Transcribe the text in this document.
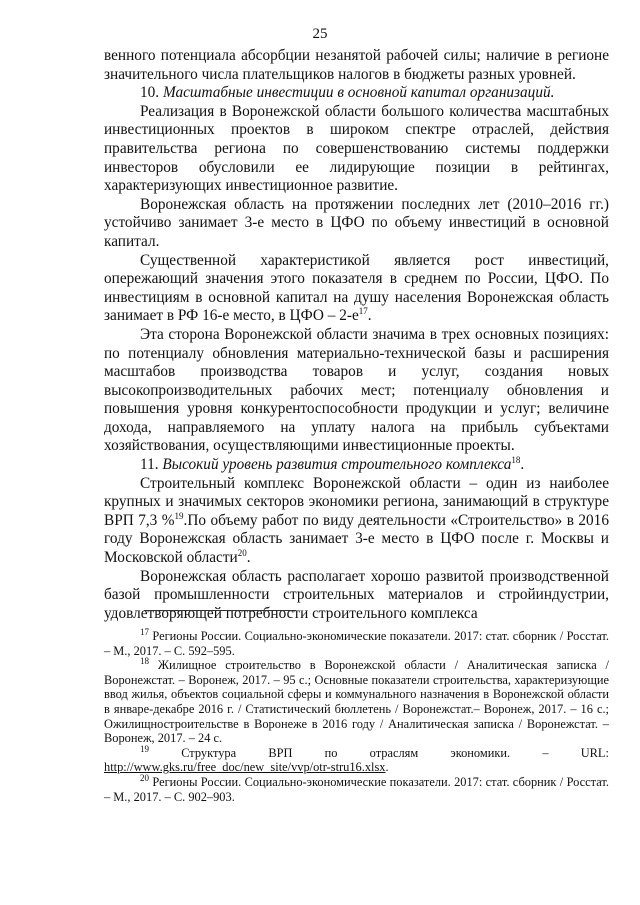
25

венного потенциала абсорбции незанятой рабочей силы; наличие в регионе значительного числа плательщиков налогов в бюджеты разных уровней.

10. Масштабные инвестиции в основной капитал организаций.

Реализация в Воронежской области большого количества масштабных инвестиционных проектов в широком спектре отраслей, действия правительства региона по совершенствованию системы поддержки инвесторов обусловили ее лидирующие позиции в рейтингах, характеризующих инвестиционное развитие.

Воронежская область на протяжении последних лет (2010–2016 гг.) устойчиво занимает 3-е место в ЦФО по объему инвестиций в основной капитал.

Существенной характеристикой является рост инвестиций, опережающий значения этого показателя в среднем по России, ЦФО. По инвестициям в основной капитал на душу населения Воронежская область занимает в РФ 16-е место, в ЦФО – $2-е^{17}$.

Эта сторона Воронежской области значима в трех основных позициях: по потенциалу обновления материально-технической базы и расширения масштабов производства товаров и услуг, создания новых высокопроизводительных рабочих мест; потенциалу обновления и повышения уровня конкурентоспособности продукции и услуг; величине дохода, направляемого на уплату налога на прибыль субъектами хозяйствования, осуществляющими инвестиционные проекты.

11. Высокий уровень развития строительного комплекса$^{18}$.

Строительный комплекс Воронежской области – один из наиболее крупных и значимых секторов экономики региона, занимающий в структуре ВРП 7,3 %$^{19}$.По объему работ по виду деятельности «Строительство» в 2016 году Воронежская область занимает 3-е место в ЦФО после г. Москвы и Московской области$^{20}$.

Воронежская область располагает хорошо развитой производственной базой промышленности строительных материалов и стройиндустрии, удовлетворяющей потребности строительного комплекса

$^{17}$ Регионы России. Социально-экономические показатели. 2017: стат. сборник / Росстат. – М., 2017. – С. 592–595.

$^{18}$ Жилищное строительство в Воронежской области / Аналитическая записка / Воронежстат. – Воронеж, 2017. – 95 с.; Основные показатели строительства, характеризующие ввод жилья, объектов социальной сферы и коммунального назначения в Воронежской области в январе-декабре 2016 г. / Статистический бюллетень / Воронежстат.– Воронеж, 2017. – 16 с.; Ожилищностроительстве в Воронеже в 2016 году / Аналитическая записка / Воронежстат. – Воронеж, 2017. – 24 с.

$^{19}$	Структура	ВРП	по	отраслям	экономики.	–	URL:

http://www.gks.ru/free_doc/new_site/vvp/otr-stru16.xlsx.

$^{20}$ Регионы России. Социально-экономические показатели. 2017: стат. сборник / Росстат. – М., 2017. – С. 902–903.
